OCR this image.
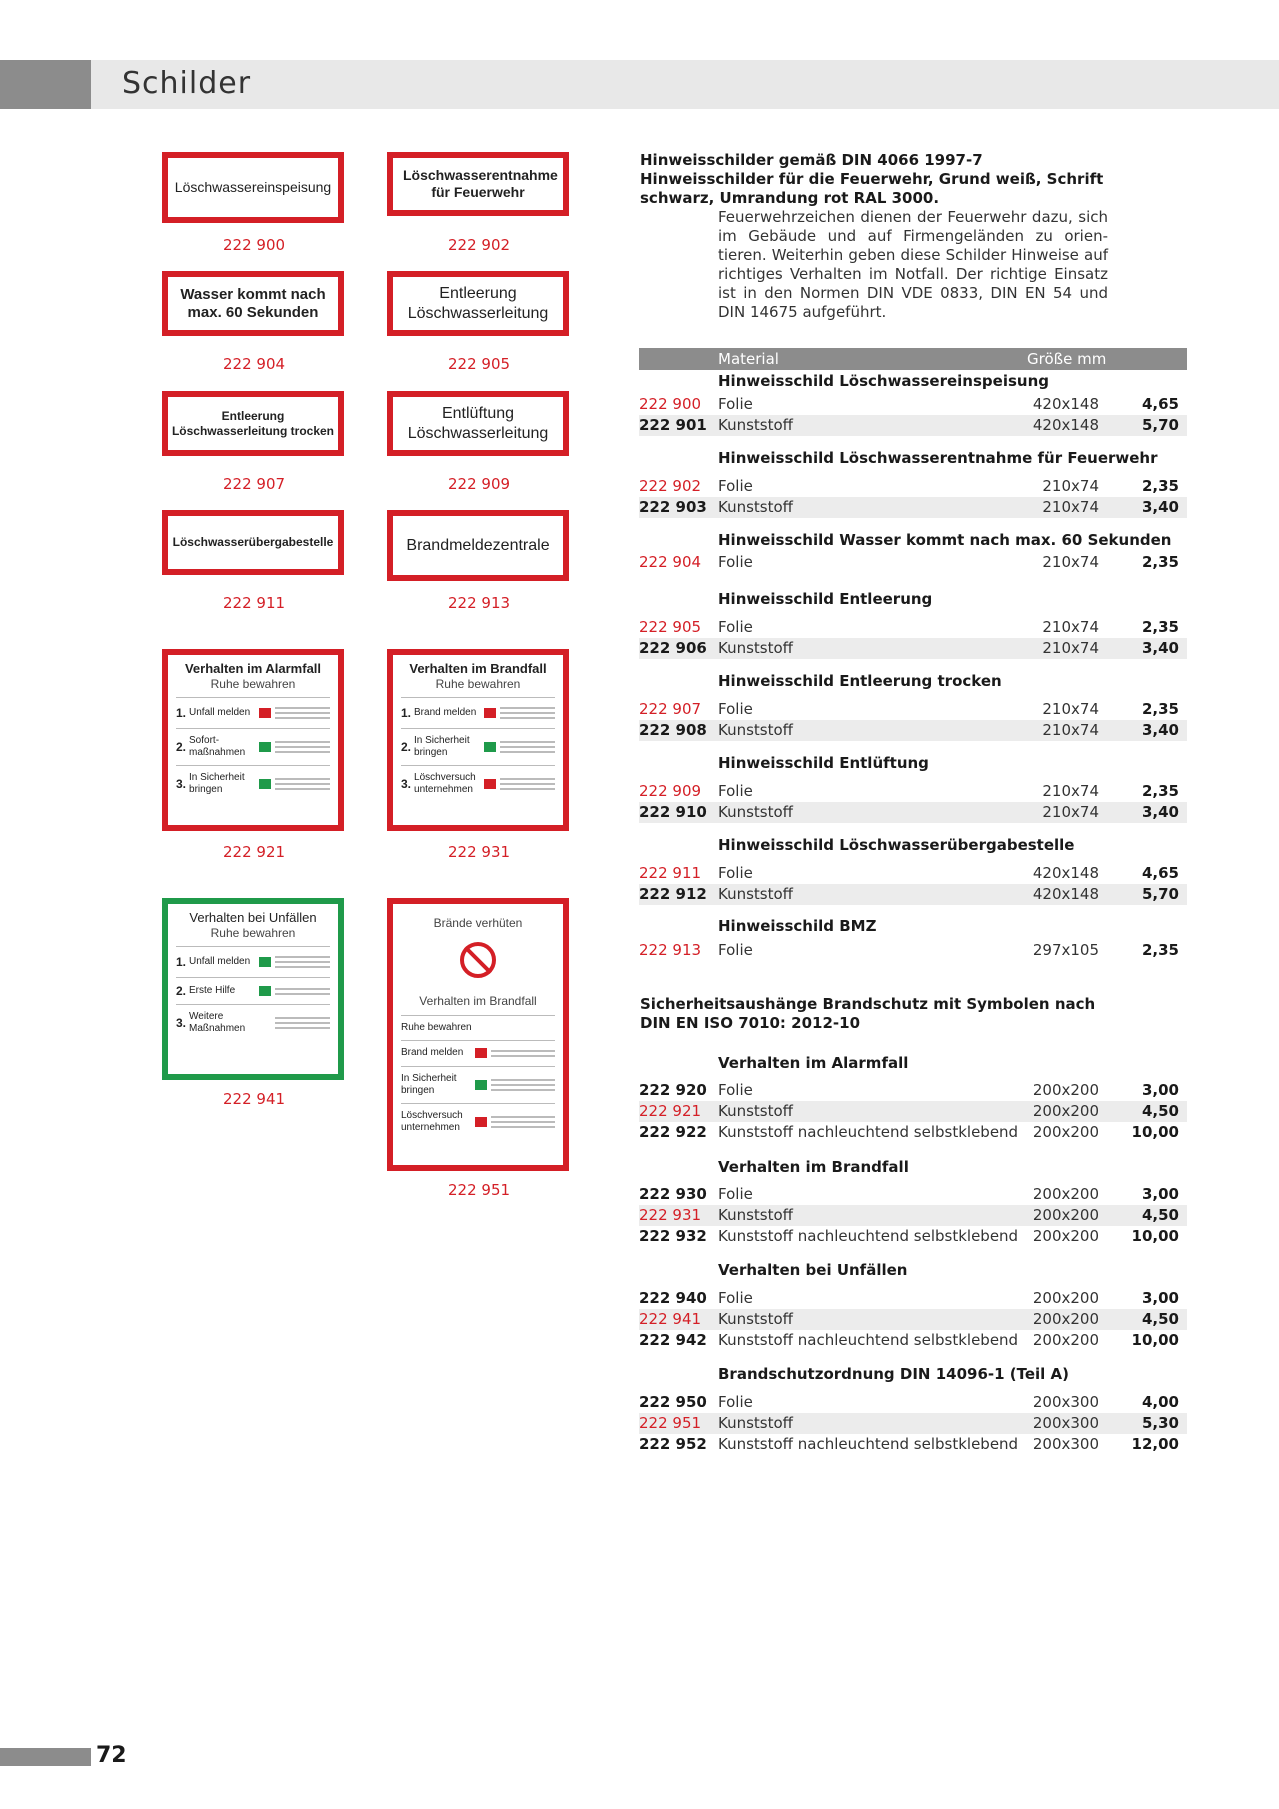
Schilder
Löschwassereinspeisung
222 900
Löschwasserentnahme für Feuerwehr
222 902
Wasser kommt nach max. 60 Sekunden
222 904
Entleerung Löschwasserleitung
222 905
Entleerung Löschwasserleitung trocken
222 907
Entlüftung Löschwasserleitung
222 909
Löschwasserübergabestelle
222 911
Brandmeldezentrale
222 913
Verhalten im Alarmfall
Ruhe bewahren
1. Unfall melden
2. Sofort-maßnahmen
3. In Sicherheit bringen
222 921
Verhalten im Brandfall
Ruhe bewahren
1. Brand melden
2. In Sicherheit bringen
3. Löschversuch unternehmen
222 931
Verhalten bei Unfällen
Ruhe bewahren
1. Unfall melden
2. Erste Hilfe
3. Weitere Maßnahmen
222 941
Brände verhüten
Verhalten im Brandfall
Ruhe bewahren
Brand melden
In Sicherheit bringen
Löschversuch unternehmen
222 951
Hinweisschilder gemäß DIN 4066 1997-7 Hinweisschilder für die Feuerwehr, Grund weiß, Schrift schwarz, Umrandung rot RAL 3000.
Feuerwehrzeichen dienen der Feuerwehr dazu, sich im Gebäude und auf Firmengeländen zu orien- tieren. Weiterhin geben diese Schilder Hinweise auf richtiges Verhalten im Notfall. Der richtige Einsatz ist in den Normen DIN VDE 0833, DIN EN 54 und DIN 14675 aufgeführt.
Material	Größe mm
Hinweisschild Löschwassereinspeisung
222 900 Folie	420x148	4,65
222 901 Kunststoff	420x148	5,70
Hinweisschild Löschwasserentnahme für Feuerwehr
222 902 Folie	210x74	2,35
222 903 Kunststoff	210x74	3,40
Hinweisschild Wasser kommt nach max. 60 Sekunden
222 904 Folie	210x74	2,35
Hinweisschild Entleerung
222 905 Folie	210x74	2,35
222 906 Kunststoff	210x74	3,40
Hinweisschild Entleerung trocken
222 907 Folie	210x74	2,35
222 908 Kunststoff	210x74	3,40
Hinweisschild Entlüftung
222 909 Folie	210x74	2,35
222 910 Kunststoff	210x74	3,40
Hinweisschild Löschwasserübergabestelle
222 911 Folie	420x148	4,65
222 912 Kunststoff	420x148	5,70
Hinweisschild BMZ
222 913 Folie	297x105	2,35
Sicherheitsaushänge Brandschutz mit Symbolen nach DIN EN ISO 7010: 2012-10
Verhalten im Alarmfall
222 920 Folie	200x200	3,00
222 921 Kunststoff	200x200	4,50
222 922 Kunststoff nachleuchtend selbstklebend 200x200 10,00
Verhalten im Brandfall
222 930 Folie	200x200	3,00
222 931 Kunststoff	200x200	4,50
222 932 Kunststoff nachleuchtend selbstklebend 200x200 10,00
Verhalten bei Unfällen
222 940 Folie	200x200	3,00
222 941 Kunststoff	200x200	4,50
222 942 Kunststoff nachleuchtend selbstklebend 200x200 10,00
Brandschutzordnung DIN 14096-1 (Teil A)
222 950 Folie	200x300	4,00
222 951 Kunststoff	200x300	5,30
222 952 Kunststoff nachleuchtend selbstklebend 200x300 12,00
72
